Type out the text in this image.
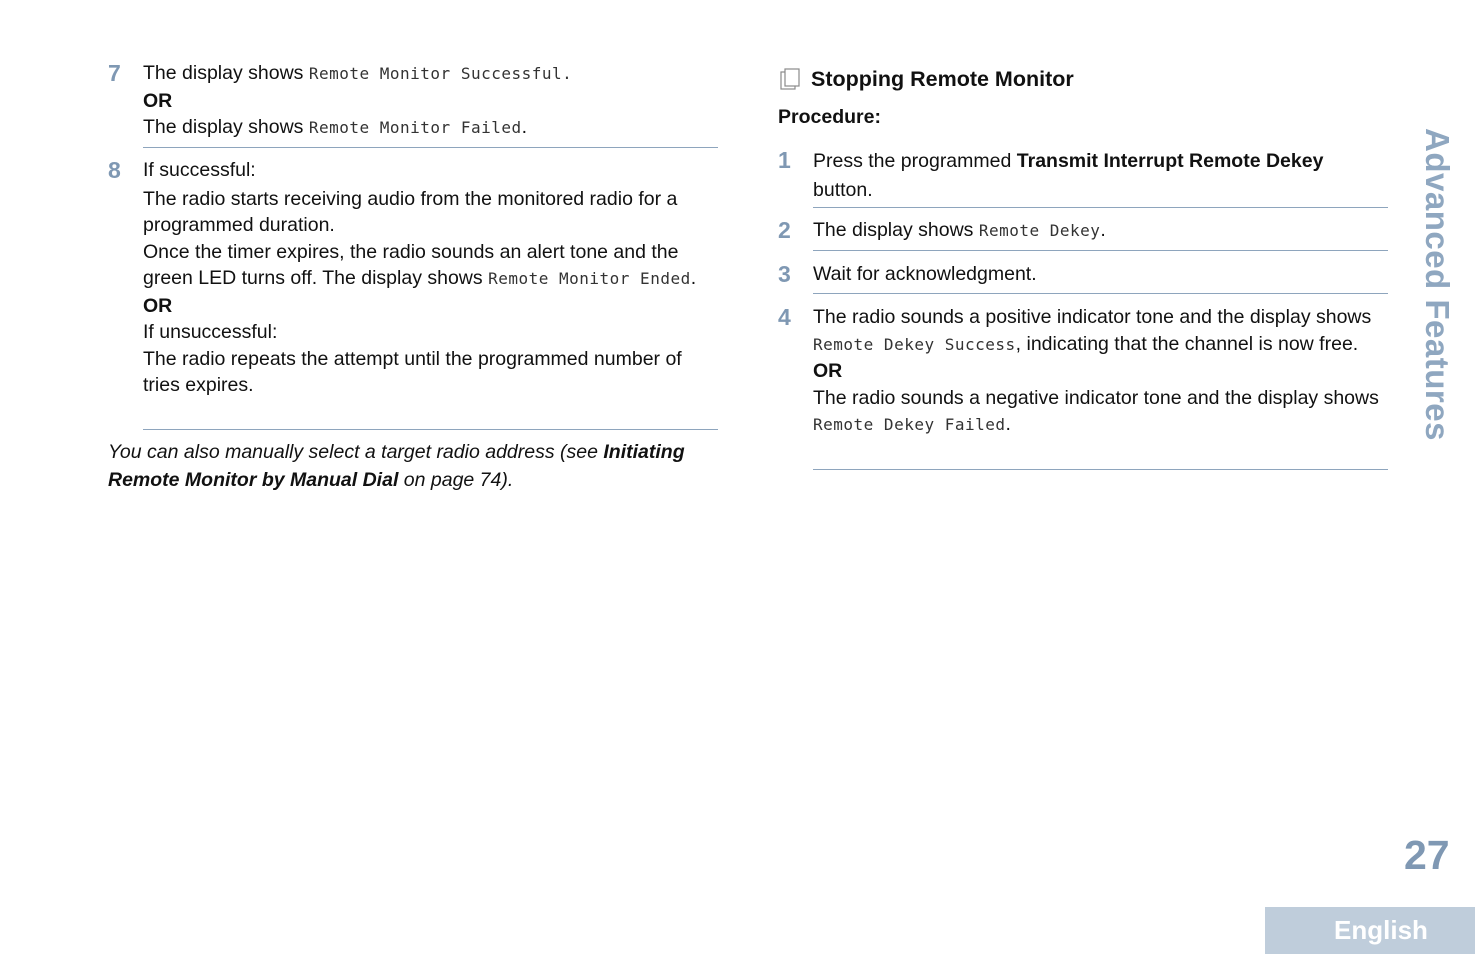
7 The display shows Remote Monitor Successful.
OR
The display shows Remote Monitor Failed.
8 If successful:
The radio starts receiving audio from the monitored radio for a programmed duration.
Once the timer expires, the radio sounds an alert tone and the green LED turns off. The display shows Remote Monitor Ended.
OR
If unsuccessful:
The radio repeats the attempt until the programmed number of tries expires.
You can also manually select a target radio address (see Initiating Remote Monitor by Manual Dial on page 74).
Stopping Remote Monitor
Procedure:
1	Press the programmed Transmit Interrupt Remote Dekey button.
2	The display shows Remote Dekey.
3	Wait for acknowledgment.
4 The radio sounds a positive indicator tone and the display shows Remote Dekey Success, indicating that the channel is now free.
OR
The radio sounds a negative indicator tone and the display shows Remote Dekey Failed.	Advanced Features
27
English
